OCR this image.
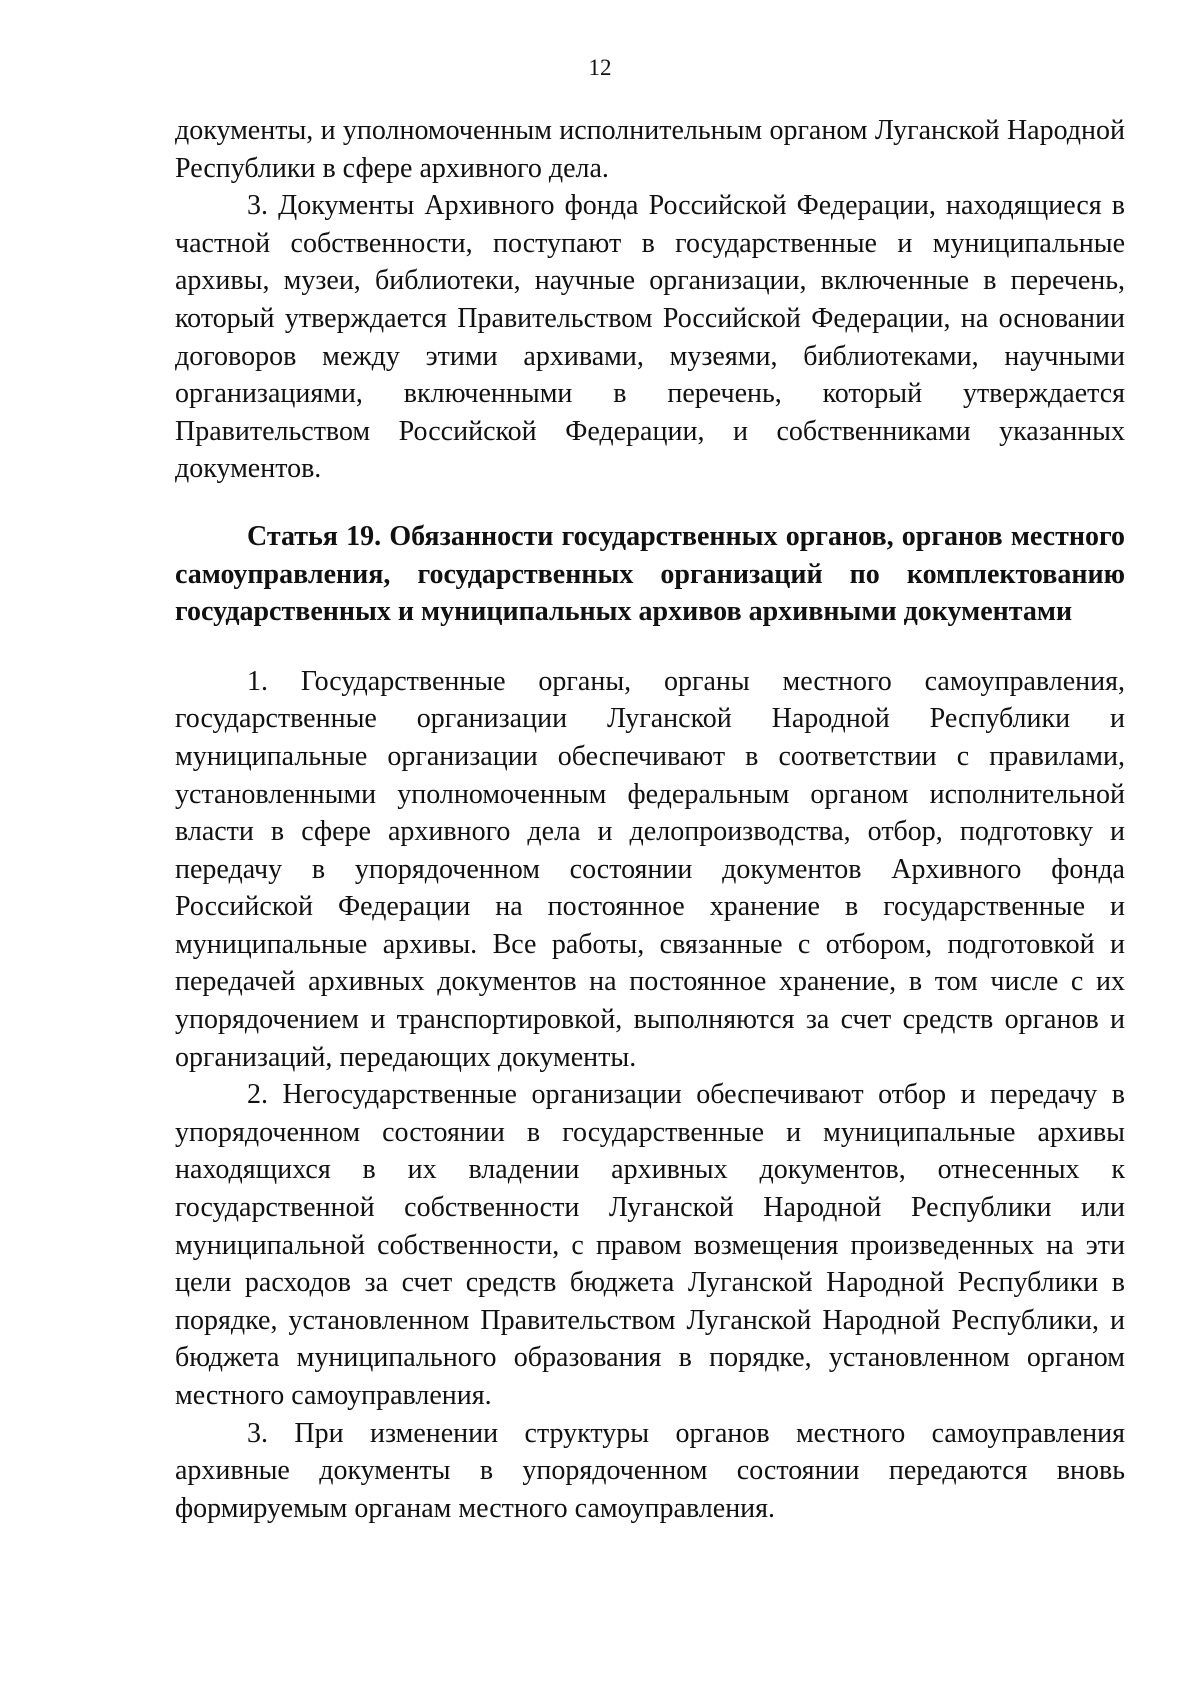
12

документы, и уполномоченным исполнительным органом Луганской Народной Республики в сфере архивного дела.

3. Документы Архивного фонда Российской Федерации, находящиеся в частной собственности, поступают в государственные и муниципальные архивы, музеи, библиотеки, научные организации, включенные в перечень, который утверждается Правительством Российской Федерации, на основании договоров между этими архивами, музеями, библиотеками, научными организациями, включенными в перечень, который утверждается Правительством Российской Федерации, и собственниками указанных документов.

Статья 19. Обязанности государственных органов, органов местного самоуправления, государственных организаций по комплектованию государственных и муниципальных архивов архивными документами

1. Государственные органы, органы местного самоуправления, государственные организации Луганской Народной Республики и муниципальные организации обеспечивают в соответствии с правилами, установленными уполномоченным федеральным органом исполнительной власти в сфере архивного дела и делопроизводства, отбор, подготовку и передачу в упорядоченном состоянии документов Архивного фонда Российской Федерации на постоянное хранение в государственные и муниципальные архивы. Все работы, связанные с отбором, подготовкой и передачей архивных документов на постоянное хранение, в том числе с их упорядочением и транспортировкой, выполняются за счет средств органов и организаций, передающих документы.

2. Негосударственные организации обеспечивают отбор и передачу в упорядоченном состоянии в государственные и муниципальные архивы находящихся в их владении архивных документов, отнесенных к государственной собственности Луганской Народной Республики или муниципальной собственности, с правом возмещения произведенных на эти цели расходов за счет средств бюджета Луганской Народной Республики в порядке, установленном Правительством Луганской Народной Республики, и бюджета муниципального образования в порядке, установленном органом местного самоуправления.

3. При изменении структуры органов местного самоуправления архивные документы в упорядоченном состоянии передаются вновь формируемым органам местного самоуправления.
